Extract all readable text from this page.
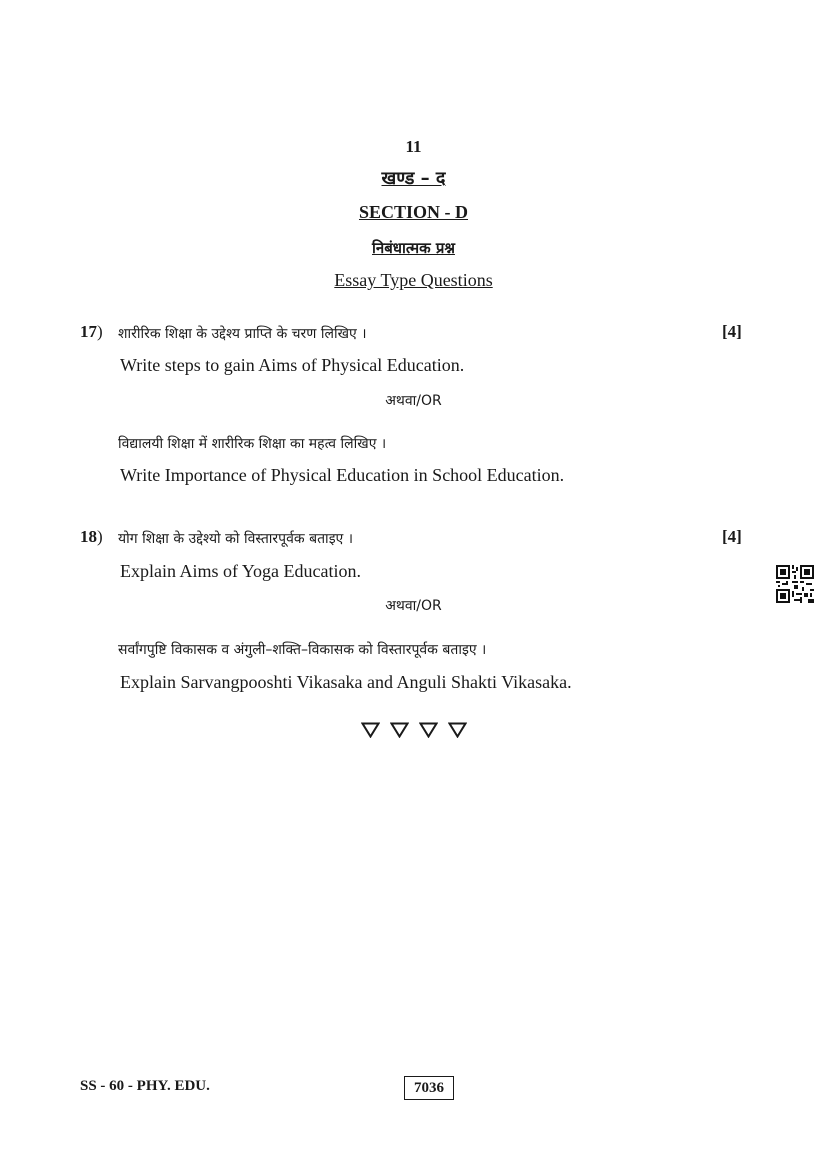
11
खण्ड – द
SECTION - D
निबंधात्मक प्रश्न
Essay Type Questions
17) शारीरिक शिक्षा के उद्देश्य प्राप्ति के चरण लिखिए ।	[4]
Write steps to gain Aims of Physical Education.
अथवा/OR
विद्यालयी शिक्षा में शारीरिक शिक्षा का महत्व लिखिए ।
Write Importance of Physical Education in School Education.
18) योग शिक्षा के उद्देश्यो को विस्तारपूर्वक बताइए ।	[4]
Explain Aims of Yoga Education.
अथवा/OR
सर्वांगपुष्टि विकासक व अंगुली–शक्ति–विकासक को विस्तारपूर्वक बताइए ।
Explain Sarvangpooshti Vikasaka and Anguli Shakti Vikasaka.

SS - 60 - PHY. EDU.	7036
